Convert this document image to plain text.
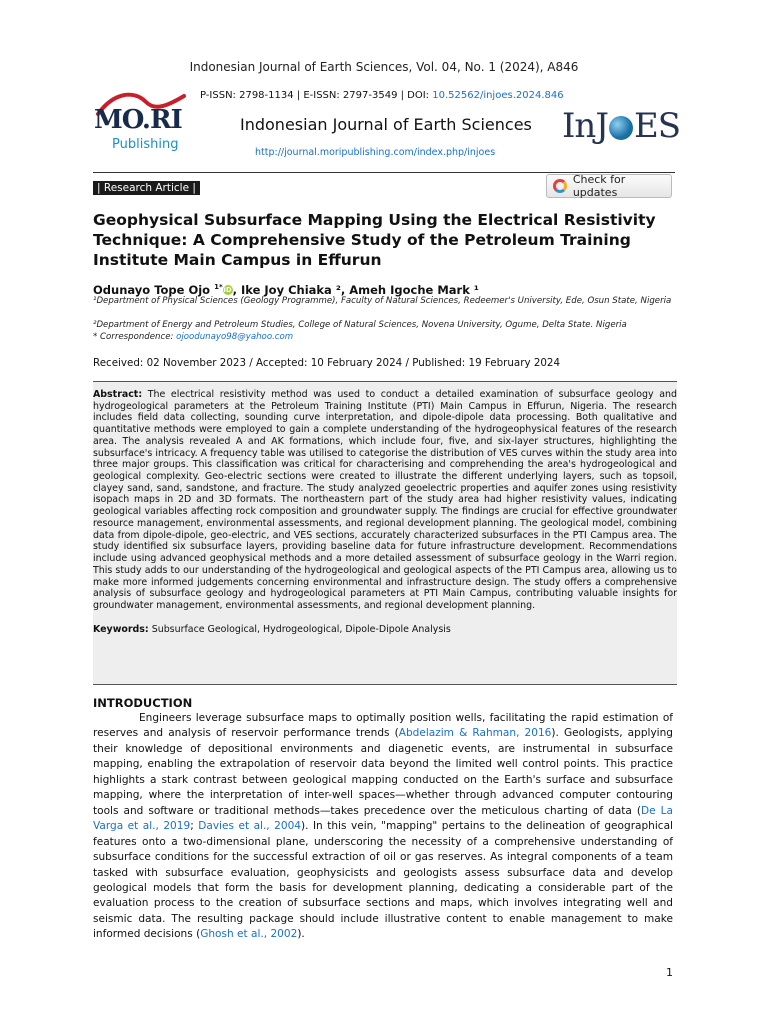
Indonesian Journal of Earth Sciences, Vol. 04, No. 1 (2024), A846
MO.RI
Publishing
P-ISSN: 2798-1134 | E-ISSN: 2797-3549 | DOI: 10.52562/injoes.2024.846
Indonesian Journal of Earth Sciences
http://journal.moripublishing.com/index.php/injoes
InJ ES
| Research Article |
Check for updates
Geophysical Subsurface Mapping Using the Electrical Resistivity Technique: A Comprehensive Study of the Petroleum Training Institute Main Campus in Effurun
Odunayo Tope Ojo $^{1*}$iD, Ike Joy Chiaka ², Ameh Igoche Mark ¹
¹Department of Physical Sciences (Geology Programme), Faculty of Natural Sciences, Redeemer's University, Ede, Osun State, Nigeria
²Department of Energy and Petroleum Studies, College of Natural Sciences, Novena University, Ogume, Delta State. Nigeria
* Correspondence: ojoodunayo98@yahoo.com
Received: 02 November 2023 / Accepted: 10 February 2024 / Published: 19 February 2024
Abstract: The electrical resistivity method was used to conduct a detailed examination of subsurface geology and hydrogeological parameters at the Petroleum Training Institute (PTI) Main Campus in Effurun, Nigeria. The research includes field data collecting, sounding curve interpretation, and dipole-dipole data processing. Both qualitative and quantitative methods were employed to gain a complete understanding of the hydrogeophysical features of the research area. The analysis revealed A and AK formations, which include four, five, and six-layer structures, highlighting the subsurface's intricacy. A frequency table was utilised to categorise the distribution of VES curves within the study area into three major groups. This classification was critical for characterising and comprehending the area's hydrogeological and geological complexity. Geo-electric sections were created to illustrate the different underlying layers, such as topsoil, clayey sand, sand, sandstone, and fracture. The study analyzed geoelectric properties and aquifer zones using resistivity isopach maps in 2D and 3D formats. The northeastern part of the study area had higher resistivity values, indicating geological variables affecting rock composition and groundwater supply. The findings are crucial for effective groundwater resource management, environmental assessments, and regional development planning. The geological model, combining data from dipole-dipole, geo-electric, and VES sections, accurately characterized subsurfaces in the PTI Campus area. The study identified six subsurface layers, providing baseline data for future infrastructure development. Recommendations include using advanced geophysical methods and a more detailed assessment of subsurface geology in the Warri region. This study adds to our understanding of the hydrogeological and geological aspects of the PTI Campus area, allowing us to make more informed judgements concerning environmental and infrastructure design. The study offers a comprehensive analysis of subsurface geology and hydrogeological parameters at PTI Main Campus, contributing valuable insights for groundwater management, environmental assessments, and regional development planning.
Keywords: Subsurface Geological, Hydrogeological, Dipole-Dipole Analysis
INTRODUCTION
Engineers leverage subsurface maps to optimally position wells, facilitating the rapid estimation of reserves and analysis of reservoir performance trends (Abdelazim & Rahman, 2016). Geologists, applying their knowledge of depositional environments and diagenetic events, are instrumental in subsurface mapping, enabling the extrapolation of reservoir data beyond the limited well control points. This practice highlights a stark contrast between geological mapping conducted on the Earth's surface and subsurface mapping, where the interpretation of inter-well spaces—whether through advanced computer contouring tools and software or traditional methods—takes precedence over the meticulous charting of data (De La Varga et al., 2019; Davies et al., 2004). In this vein, "mapping" pertains to the delineation of geographical features onto a two-dimensional plane, underscoring the necessity of a comprehensive understanding of subsurface conditions for the successful extraction of oil or gas reserves. As integral components of a team tasked with subsurface evaluation, geophysicists and geologists assess subsurface data and develop geological models that form the basis for development planning, dedicating a considerable part of the evaluation process to the creation of subsurface sections and maps, which involves integrating well and seismic data. The resulting package should include illustrative content to enable management to make informed decisions (Ghosh et al., 2002).
1
